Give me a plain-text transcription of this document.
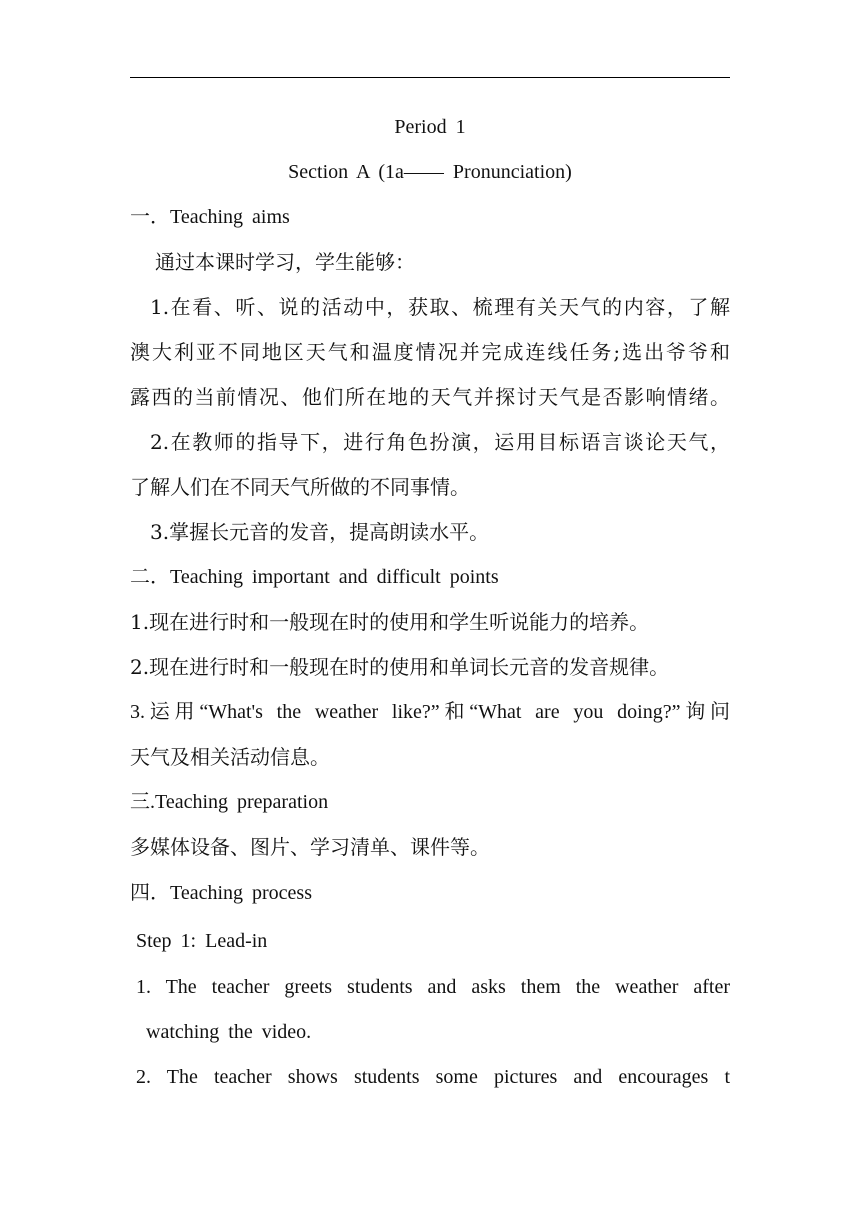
Period 1
Section A (1a—— Pronunciation)
一．Teaching aims
通过本课时学习，学生能够：
1.在看、听、说的活动中，获取、梳理有关天气的内容，了解
澳大利亚不同地区天气和温度情况并完成连线任务;选出爷爷和
露西的当前情况、他们所在地的天气并探讨天气是否影响情绪。
2.在教师的指导下，进行角色扮演，运用目标语言谈论天气，
了解人们在不同天气所做的不同事情。
3.掌握长元音的发音，提高朗读水平。
二．Teaching important and difficult points
1.现在进行时和一般现在时的使用和学生听说能力的培养。
2.现在进行时和一般现在时的使用和单词长元音的发音规律。
3.运用“What's the weather like?”和“What are you doing?”询问
天气及相关活动信息。
三.Teaching preparation
多媒体设备、图片、学习清单、课件等。
四．Teaching process
Step 1: Lead-in
1. The teacher greets students and asks them the weather after
watching the video.
2. The teacher shows students some pictures and encourages t
